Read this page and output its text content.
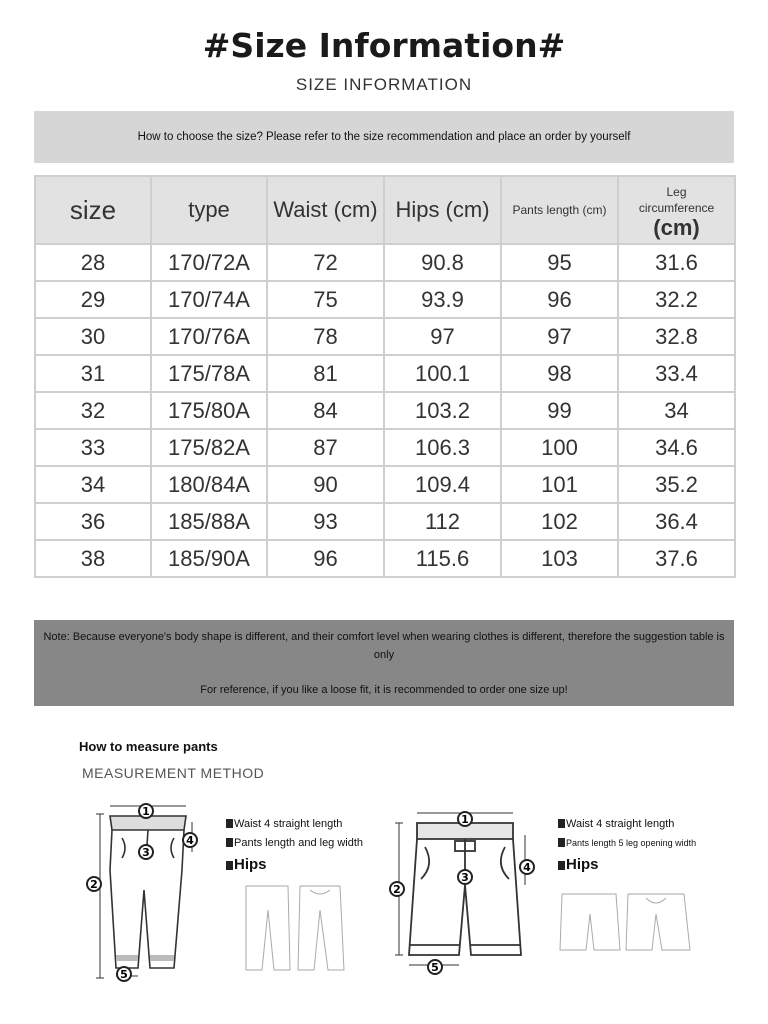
#Size Information#
SIZE INFORMATION
How to choose the size? Please refer to the size recommendation and place an order by yourself
size	type	Waist (cm)	Hips (cm)	Pants length (cm)	Leg
circumference
(cm)

28	170/72A	72	90.8	95	31.6
29	170/74A	75	93.9	96	32.2
30	170/76A	78	97	97	32.8
31	175/78A	81	100.1	98	33.4
32	175/80A	84	103.2	99	34
33	175/82A	87	106.3	100	34.6
34	180/84A	90	109.4	101	35.2
36	185/88A	93	112	102	36.4
38	185/90A	96	115.6	103	37.6
Note: Because everyone's body shape is different, and their comfort level when wearing clothes is different, therefore the suggestion table is only
For reference, if you like a loose fit, it is recommended to order one size up!
How to measure pants
MEASUREMENT METHOD
1
2
3
4
5
Waist 4 straight length
Pants length and leg width
Hips
1
2
3
4
5
Waist 4 straight length
Pants length 5 leg opening width
Hips
